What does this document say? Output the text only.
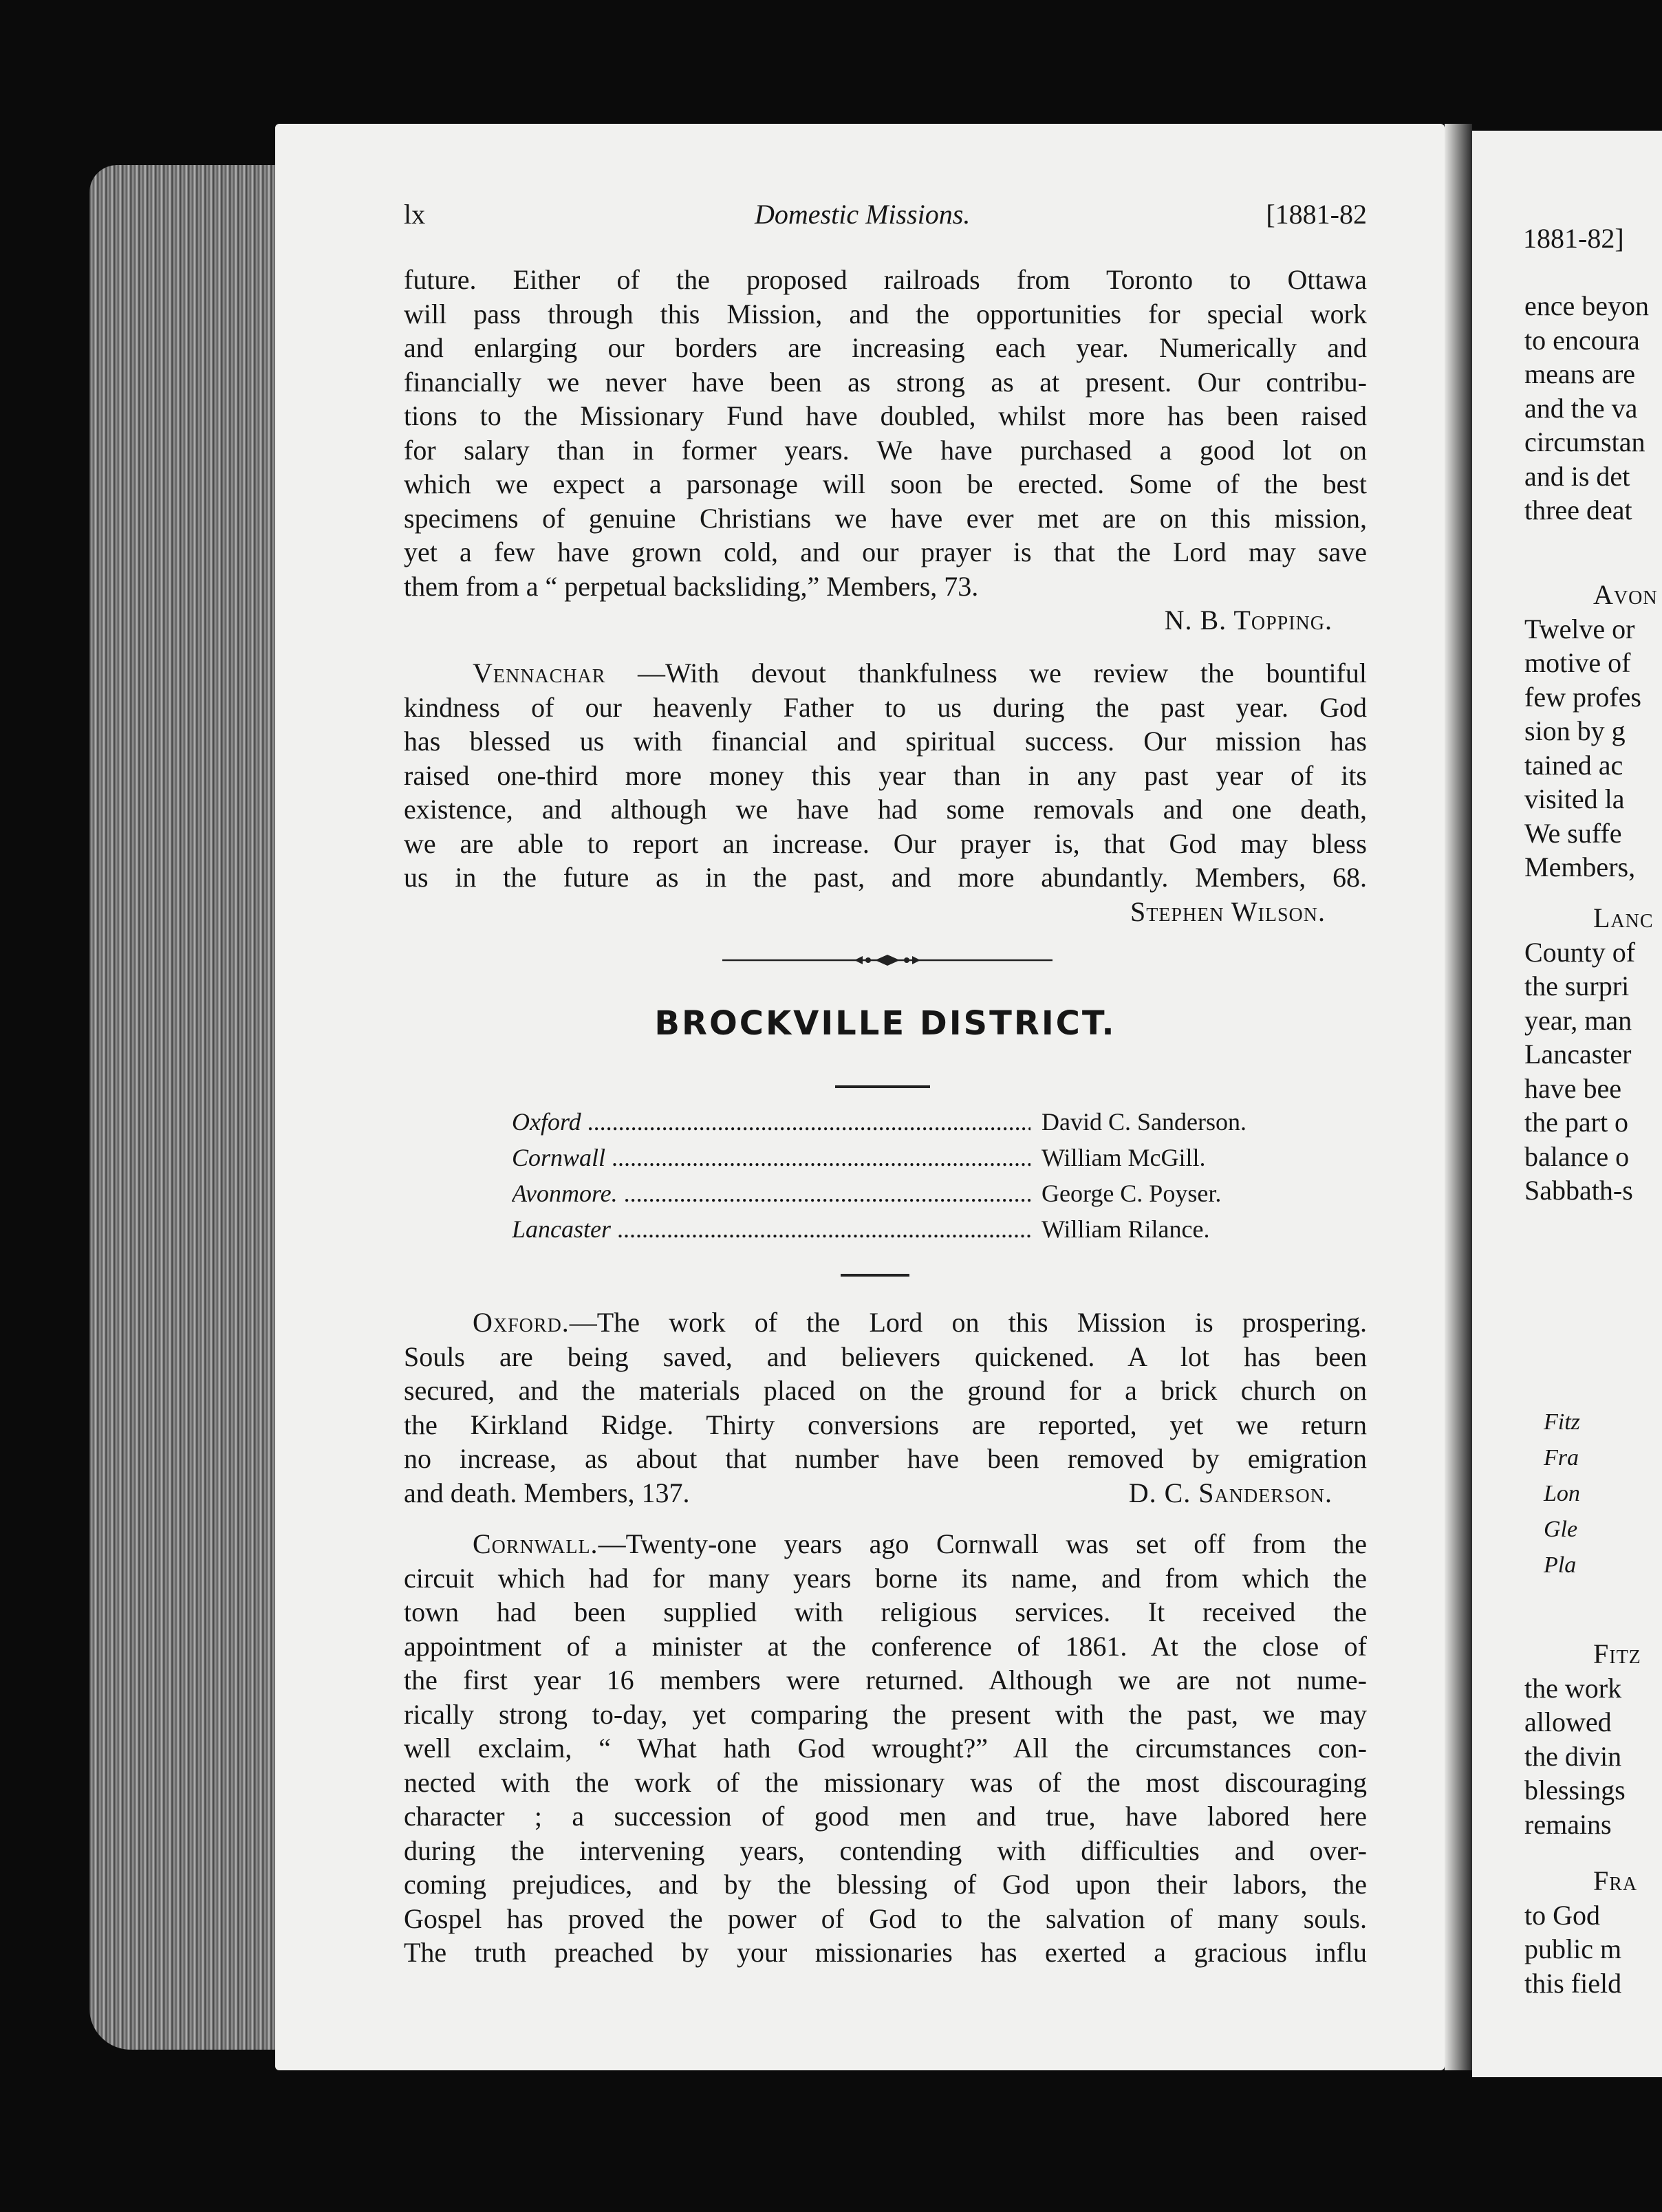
lx	Domestic Missions.	[1881-82
future. Either of the proposed railroads from Toronto to Ottawa
will pass through this Mission, and the opportunities for special work
and enlarging our borders are increasing each year. Numerically and
financially we never have been as strong as at present. Our contribu-
tions to the Missionary Fund have doubled, whilst more has been raised
for salary than in former years. We have purchased a good lot on
which we expect a parsonage will soon be erected. Some of the best
specimens of genuine Christians we have ever met are on this mission,
yet a few have grown cold, and our prayer is that the Lord may save
them from a “ perpetual backsliding,” Members, 73.
N. B. Topping.
Vennachar —With devout thankfulness we review the bountiful
kindness of our heavenly Father to us during the past year. God
has blessed us with financial and spiritual success. Our mission has
raised one-third more money this year than in any past year of its
existence, and although we have had some removals and one death,
we are able to report an increase. Our prayer is, that God may bless
us in the future as in the past, and more abundantly. Members, 68.
Stephen Wilson.
BROCKVILLE DISTRICT.
Oxford .....	David C. Sanderson.
Cornwall .....	William McGill.
Avonmore. .....	George C. Poyser.
Lancaster .....	William Rilance.
Oxford.—The work of the Lord on this Mission is prospering.
Souls are being saved, and believers quickened. A lot has been
secured, and the materials placed on the ground for a brick church on
the Kirkland Ridge. Thirty conversions are reported, yet we return
no increase, as about that number have been removed by emigration
and death. Members, 137.	D. C. Sanderson.
Cornwall.—Twenty-one years ago Cornwall was set off from the
circuit which had for many years borne its name, and from which the
town had been supplied with religious services. It received the
appointment of a minister at the conference of 1861. At the close of
the first year 16 members were returned. Although we are not nume-
rically strong to-day, yet comparing the present with the past, we may
well exclaim, “ What hath God wrought?” All the circumstances con-
nected with the work of the missionary was of the most discouraging
character ; a succession of good men and true, have labored here
during the intervening years, contending with difficulties and over-
coming prejudices, and by the blessing of God upon their labors, the
Gospel has proved the power of God to the salvation of many souls.
The truth preached by your missionaries has exerted a gracious influ
1881-82]
ence beyon
to encoura
means are
and the va
circumstan
and is det
three deat
Avon
Twelve or
motive of
few profes
sion by g
tained ac
visited la
We suffe
Members,
Lanc
County of
the surpri
year, man
Lancaster
have bee
the part o
balance o
Sabbath-s
Fitz
Fra
Lon
Gle
Pla
Fitz
the work
allowed
the divin
blessings
remains
Fra
to God
public m
this field
